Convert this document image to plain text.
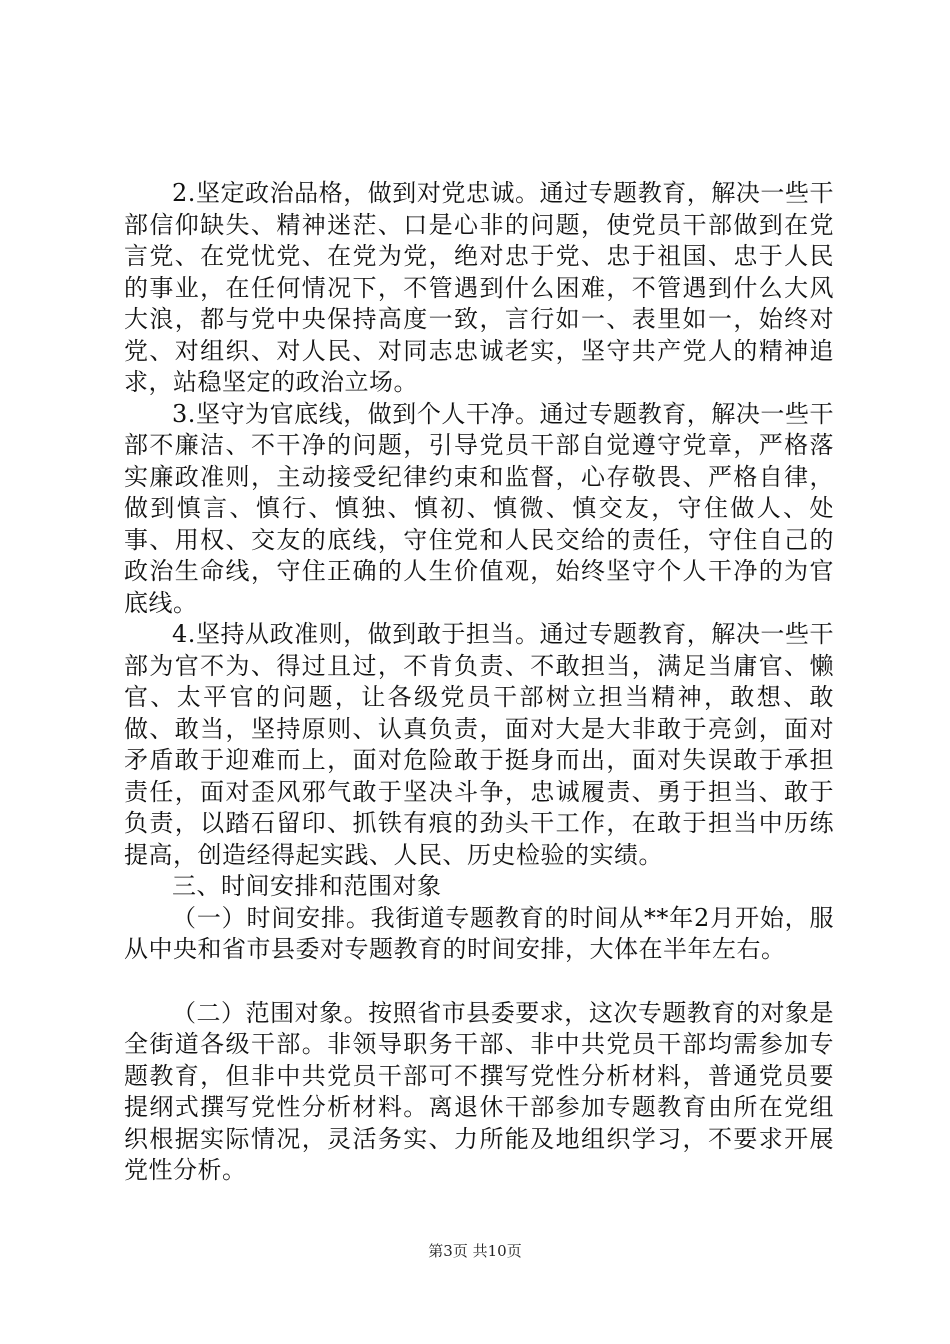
2.坚定政治品格，做到对党忠诚。通过专题教育，解决一些干部信仰缺失、精神迷茫、口是心非的问题，使党员干部做到在党言党、在党忧党、在党为党，绝对忠于党、忠于祖国、忠于人民的事业，在任何情况下，不管遇到什么困难，不管遇到什么大风大浪，都与党中央保持高度一致，言行如一、表里如一，始终对党、对组织、对人民、对同志忠诚老实，坚守共产党人的精神追求，站稳坚定的政治立场。

3.坚守为官底线，做到个人干净。通过专题教育，解决一些干部不廉洁、不干净的问题，引导党员干部自觉遵守党章，严格落实廉政准则，主动接受纪律约束和监督，心存敬畏、严格自律，做到慎言、慎行、慎独、慎初、慎微、慎交友，守住做人、处事、用权、交友的底线，守住党和人民交给的责任，守住自己的政治生命线，守住正确的人生价值观，始终坚守个人干净的为官底线。

4.坚持从政准则，做到敢于担当。通过专题教育，解决一些干部为官不为、得过且过，不肯负责、不敢担当，满足当庸官、懒官、太平官的问题，让各级党员干部树立担当精神，敢想、敢做、敢当，坚持原则、认真负责，面对大是大非敢于亮剑，面对矛盾敢于迎难而上，面对危险敢于挺身而出，面对失误敢于承担责任，面对歪风邪气敢于坚决斗争，忠诚履责、勇于担当、敢于负责，以踏石留印、抓铁有痕的劲头干工作，在敢于担当中历练提高，创造经得起实践、人民、历史检验的实绩。

三、时间安排和范围对象

（一）时间安排。我街道专题教育的时间从**年2月开始，服从中央和省市县委对专题教育的时间安排，大体在半年左右。

（二）范围对象。按照省市县委要求，这次专题教育的对象是全街道各级干部。非领导职务干部、非中共党员干部均需参加专题教育，但非中共党员干部可不撰写党性分析材料，普通党员要提纲式撰写党性分析材料。离退休干部参加专题教育由所在党组织根据实际情况，灵活务实、力所能及地组织学习，不要求开展党性分析。

第3页 共10页
